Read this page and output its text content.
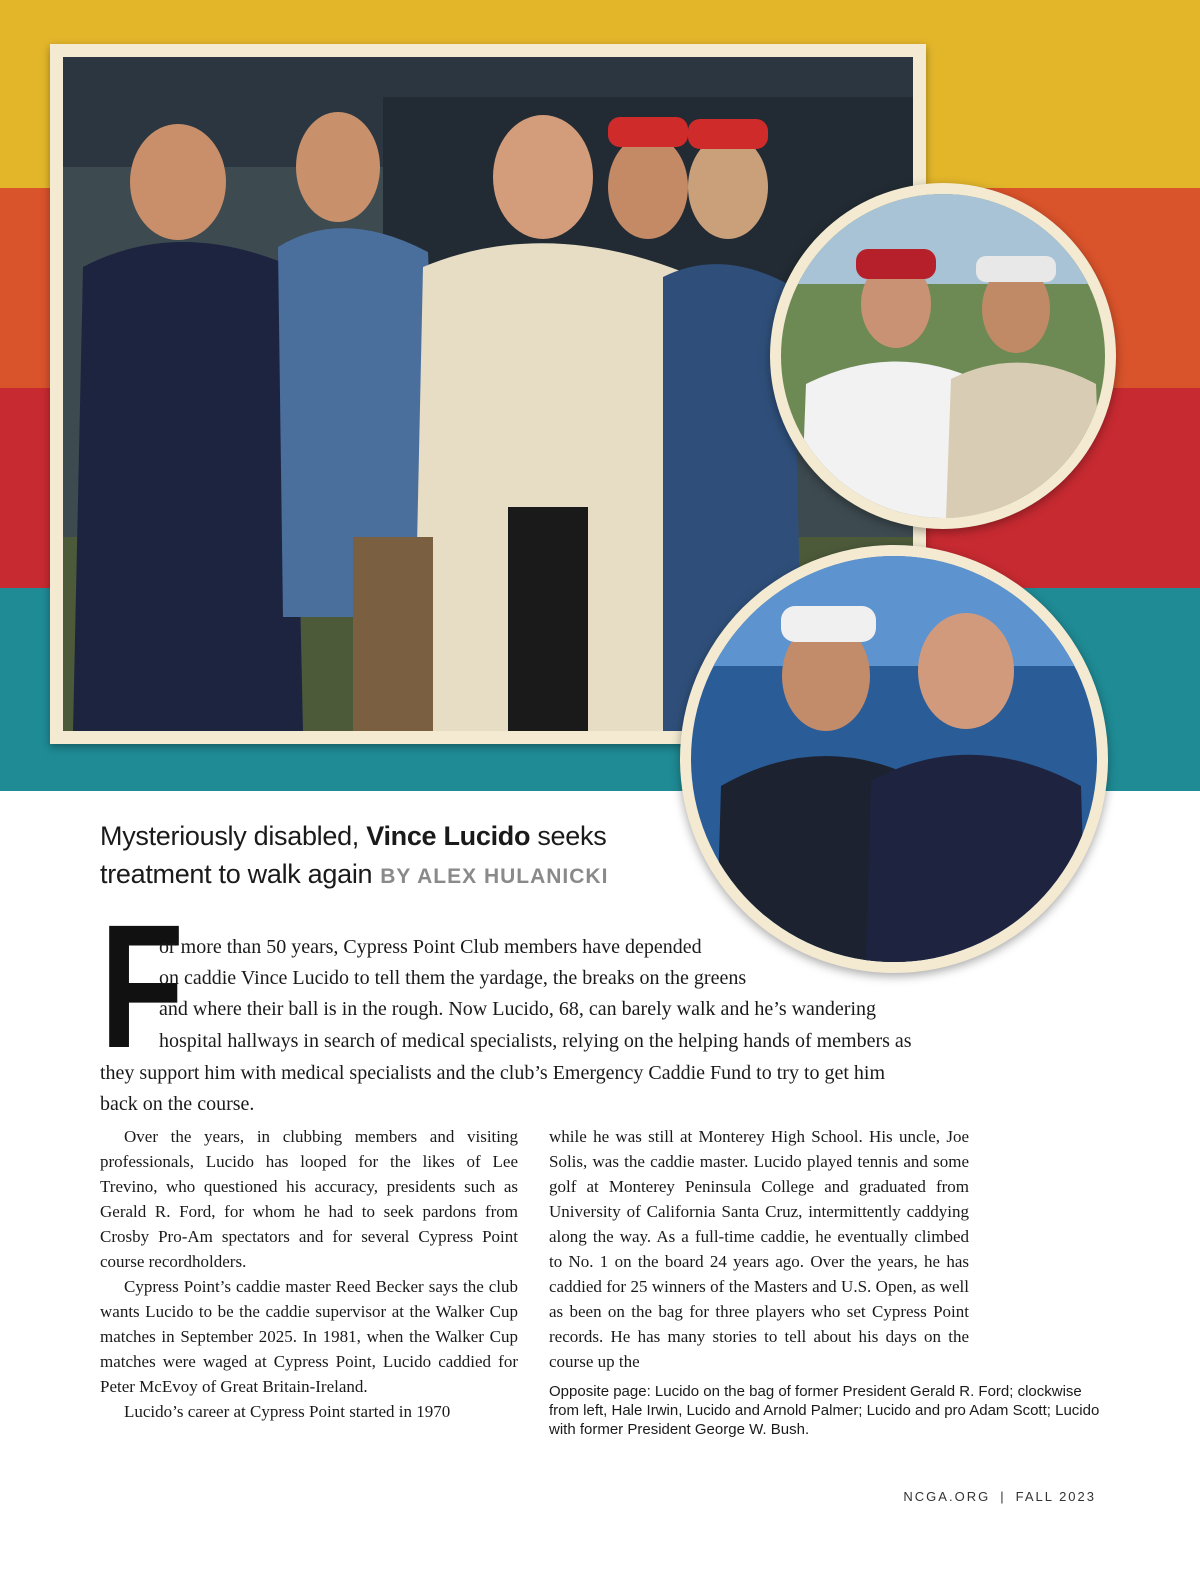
Mysteriously disabled, Vince Lucido seeks
treatment to walk again BY ALEX HULANICKI
F
or more than 50 years, Cypress Point Club members have depended
on caddie Vince Lucido to tell them the yardage, the breaks on the greens
and where their ball is in the rough. Now Lucido, 68, can barely walk and he’s wandering
hospital hallways in search of medical specialists, relying on the helping hands of members as
they support him with medical specialists and the club’s Emergency Caddie Fund to try to get him
back on the course.

Over the years, in clubbing members and visiting professionals, Lucido has looped for the likes of Lee Trevino, who questioned his accuracy, presidents such as Gerald R. Ford, for whom he had to seek pardons from Crosby Pro-Am spectators and for several Cypress Point course recordholders.

Cypress Point’s caddie master Reed Becker says the club wants Lucido to be the caddie supervisor at the Walker Cup matches in September 2025. In 1981, when the Walker Cup matches were waged at Cypress Point, Lucido caddied for Peter McEvoy of Great Britain-Ireland.

Lucido’s career at Cypress Point started in 1970

while he was still at Monterey High School. His uncle, Joe Solis, was the caddie master. Lucido played tennis and some golf at Monterey Peninsula College and graduated from University of California Santa Cruz, intermittently caddying along the way. As a full-time caddie, he eventually climbed to No. 1 on the board 24 years ago. Over the years, he has caddied for 25 winners of the Masters and U.S. Open, as well as been on the bag for three players who set Cypress Point records. He has many stories to tell about his days on the course up the

Opposite page: Lucido on the bag of former President Gerald R. Ford; clockwise from left, Hale Irwin, Lucido and Arnold Palmer; Lucido and pro Adam Scott; Lucido with former President George W. Bush.
NCGA.ORG | FALL 2023
